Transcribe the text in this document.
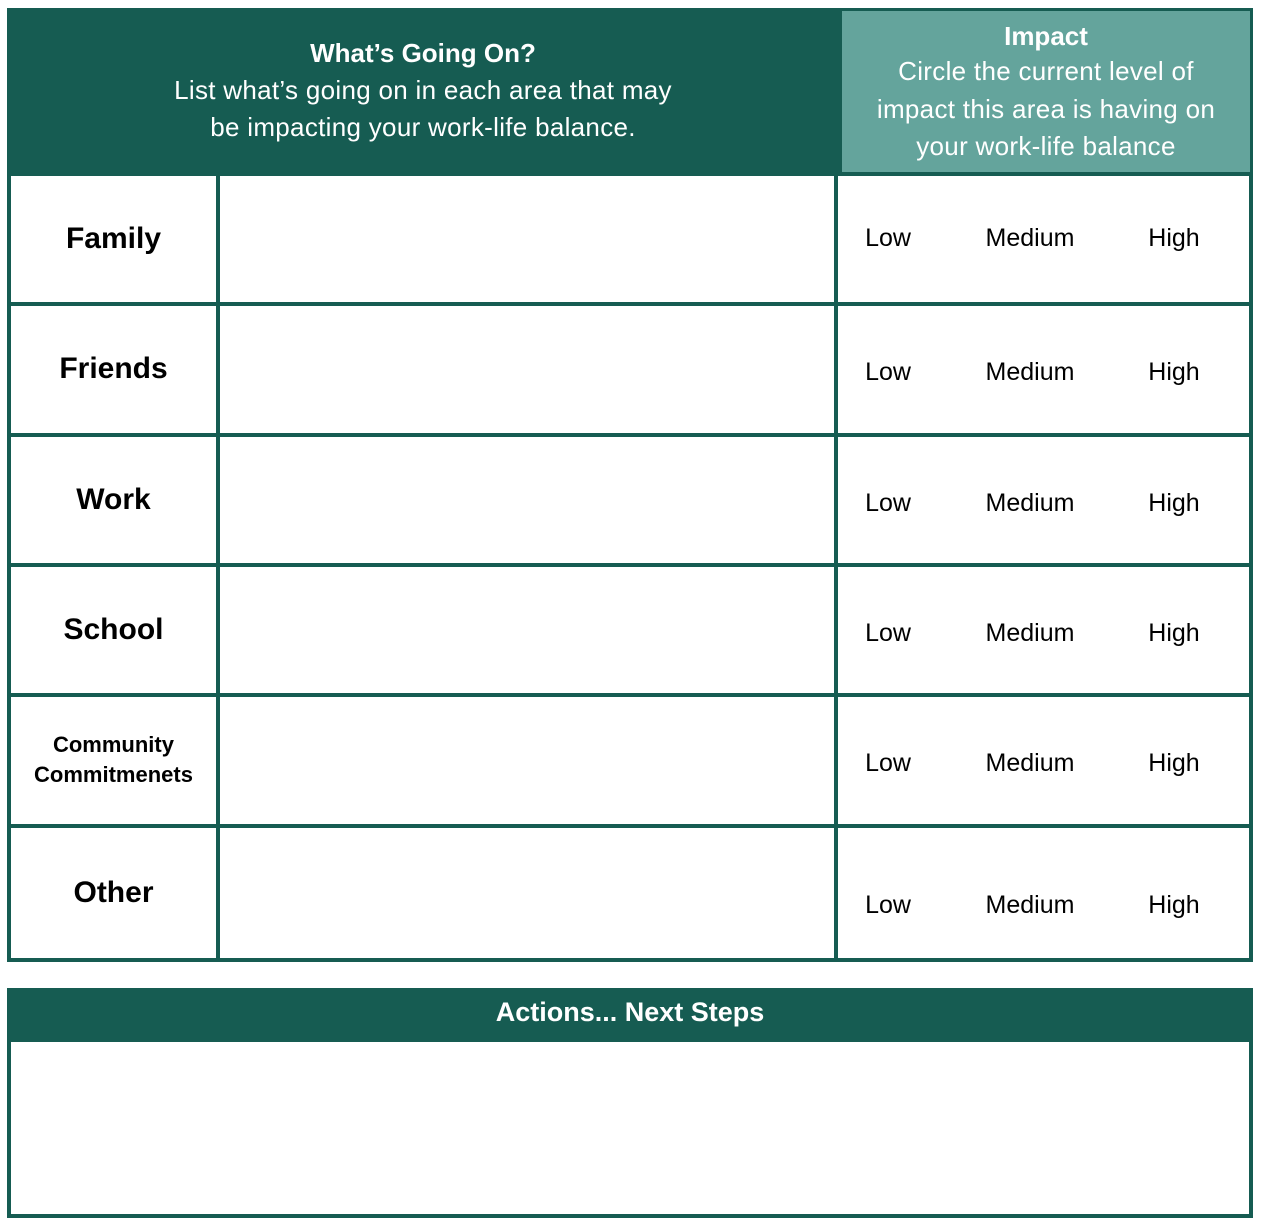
What’s Going On?
List what’s going on in each area that may
be impacting your work-life balance.
Impact
Circle the current level of
impact this area is having on
your work-life balance
Family	Low	Medium	High
Friends	Low	Medium	High
Work	Low	Medium	High
School	Low	Medium	High
Community
Commitmenets	Low	Medium	High
Other	Low	Medium	High
Actions... Next Steps
